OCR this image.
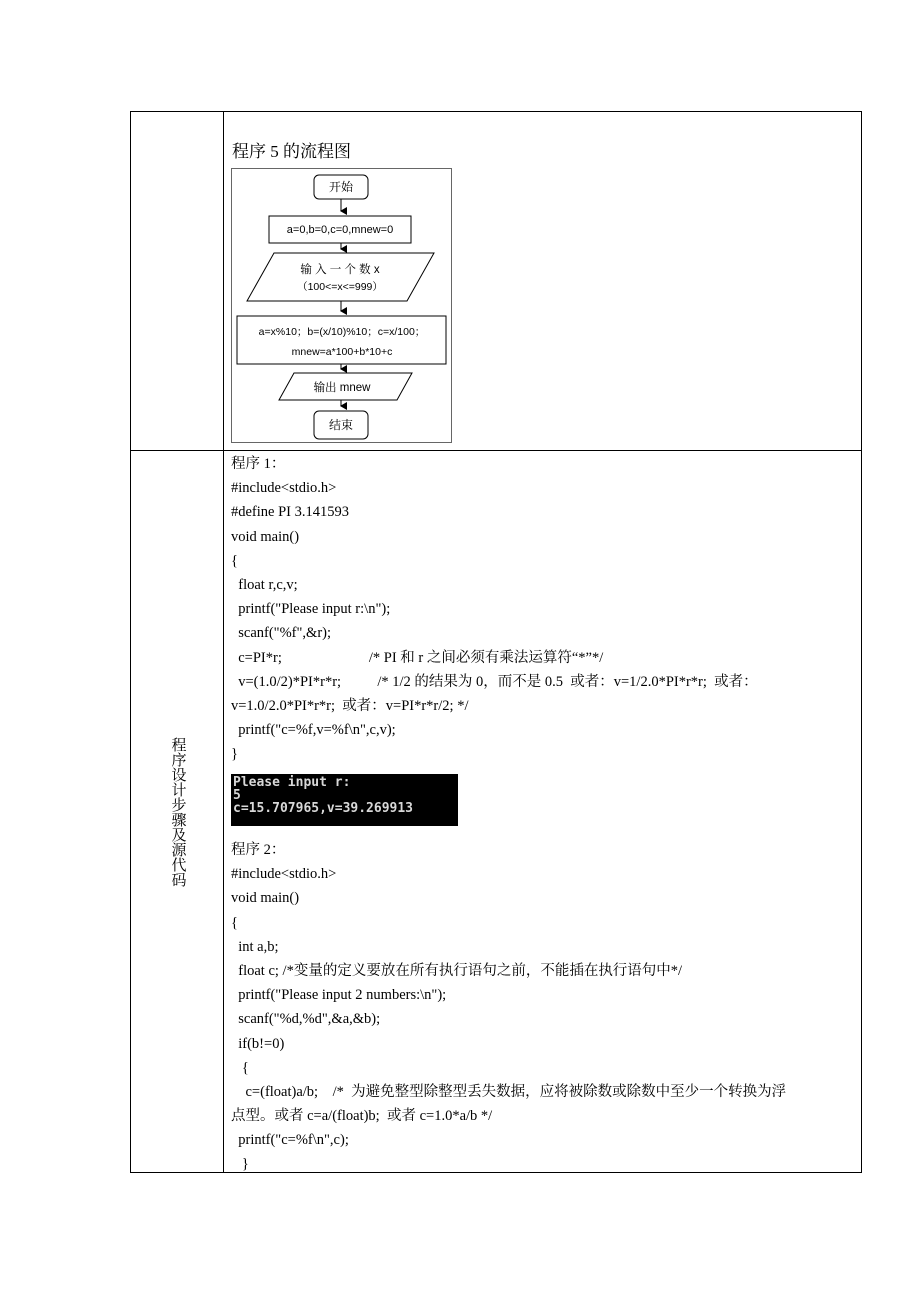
程序 5 的流程图
开始
a=0,b=0,c=0,mnew=0
输 入 一 个 数 x
（100<=x<=999）
a=x%10；b=(x/10)%10；c=x/100；
mnew=a*100+b*10+c
输出 mnew
结束
程序设计步骤及源代码
程序 1：
#include<stdio.h>
#define PI 3.141593
void main()
{
float r,c,v;
printf("Please input r:\n");
scanf("%f",&r);
c=PI*r;                        /* PI 和 r 之间必须有乘法运算符“*”*/
v=(1.0/2)*PI*r*r;          /* 1/2 的结果为 0，而不是 0.5  或者：v=1/2.0*PI*r*r;  或者：
v=1.0/2.0*PI*r*r;  或者：v=PI*r*r/2; */
printf("c=%f,v=%f\n",c,v);
}
Please input r:
5
c=15.707965,v=39.269913
程序 2：
#include<stdio.h>
void main()
{
int a,b;
float c; /*变量的定义要放在所有执行语句之前，不能插在执行语句中*/
printf("Please input 2 numbers:\n");
scanf("%d,%d",&a,&b);
if(b!=0)
{
c=(float)a/b;    /*  为避免整型除整型丢失数据，应将被除数或除数中至少一个转换为浮
点型。或者 c=a/(float)b;  或者 c=1.0*a/b */
printf("c=%f\n",c);
}
